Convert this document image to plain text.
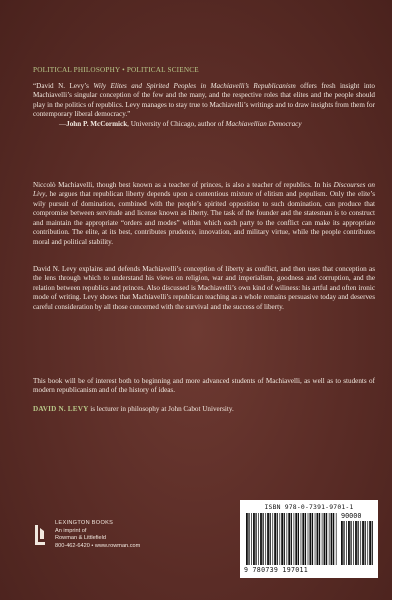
POLITICAL PHILOSOPHY • POLITICAL SCIENCE
“David N. Levy’s Wily Elites and Spirited Peoples in Machiavelli’s Republicanism offers fresh insight into Machiavelli’s singular conception of the few and the many, and the respective roles that elites and the people should play in the politics of republics. Levy manages to stay true to Machiavelli’s writings and to draw insights from them for contemporary liberal democracy.”
—John P. McCormick, University of Chicago, author of Machiavellian Democracy
Niccolò Machiavelli, though best known as a teacher of princes, is also a teacher of republics. In his Discourses on Livy, he argues that republican liberty depends upon a contentious mixture of elitism and populism. Only the elite’s wily pursuit of domination, combined with the people’s spirited opposition to such domination, can produce that compromise between servitude and license known as liberty. The task of the founder and the statesman is to construct and maintain the appropriate “orders and modes” within which each party to the conflict can make its appropriate contribution. The elite, at its best, contributes prudence, innovation, and military virtue, while the people contributes moral and political stability.
David N. Levy explains and defends Machiavelli’s conception of liberty as conflict, and then uses that conception as the lens through which to understand his views on religion, war and imperialism, goodness and corruption, and the relation between republics and princes. Also discussed is Machiavelli’s own kind of wiliness: his artful and often ironic mode of writing. Levy shows that Machiavelli’s republican teaching as a whole remains persuasive today and deserves careful consideration by all those concerned with the survival and the success of liberty.
This book will be of interest both to beginning and more advanced students of Machiavelli, as well as to students of modern republicanism and of the history of ideas.
DAVID N. LEVY is lecturer in philosophy at John Cabot University.
LEXINGTON BOOKS
An imprint of
Rowman & Littlefield
800-462-6420 • www.rowman.com
ISBN 978-0-7391-9701-1
90000
9 780739 197011
